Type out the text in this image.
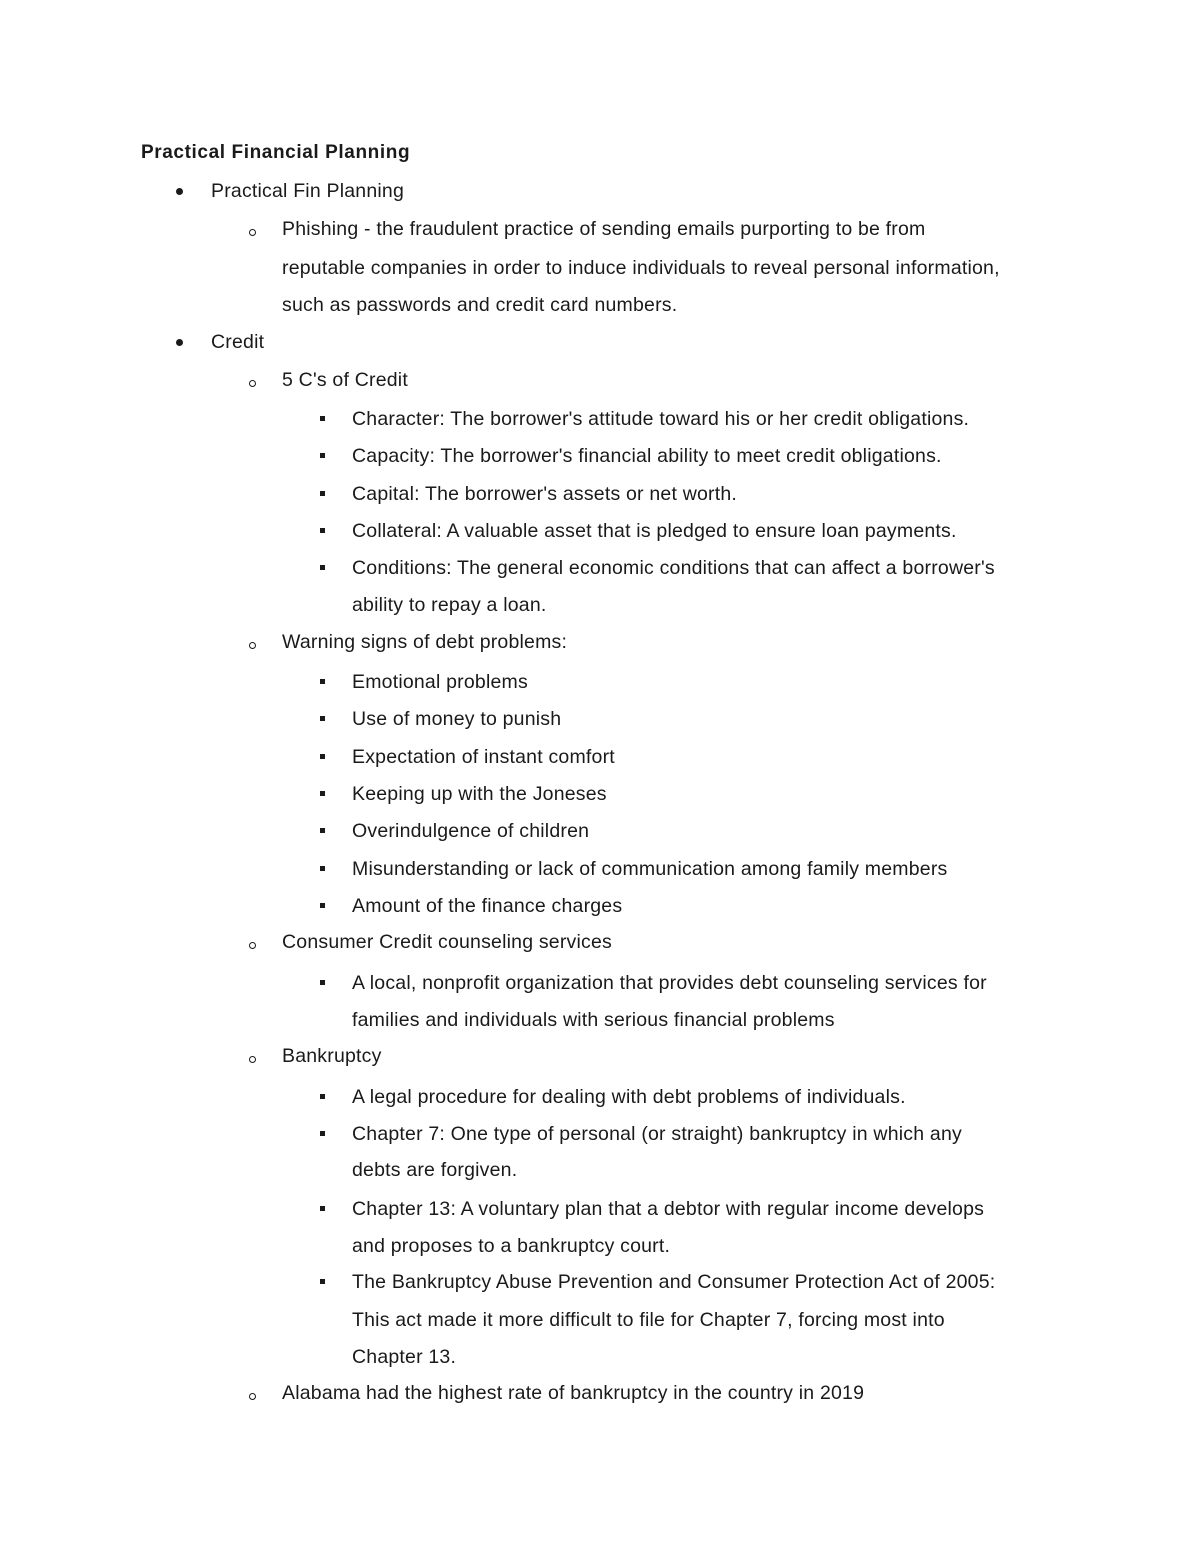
Practical Financial Planning
Practical Fin Planning
Phishing - the fraudulent practice of sending emails purporting to be from
reputable companies in order to induce individuals to reveal personal information,
such as passwords and credit card numbers.
Credit
5 C's of Credit
Character: The borrower's attitude toward his or her credit obligations.
Capacity: The borrower's financial ability to meet credit obligations.
Capital: The borrower's assets or net worth.
Collateral: A valuable asset that is pledged to ensure loan payments.
Conditions: The general economic conditions that can affect a borrower's
ability to repay a loan.
Warning signs of debt problems:
Emotional problems
Use of money to punish
Expectation of instant comfort
Keeping up with the Joneses
Overindulgence of children
Misunderstanding or lack of communication among family members
Amount of the finance charges
Consumer Credit counseling services
A local, nonprofit organization that provides debt counseling services for
families and individuals with serious financial problems
Bankruptcy
A legal procedure for dealing with debt problems of individuals.
Chapter 7: One type of personal (or straight) bankruptcy in which any
debts are forgiven.
Chapter 13: A voluntary plan that a debtor with regular income develops
and proposes to a bankruptcy court.
The Bankruptcy Abuse Prevention and Consumer Protection Act of 2005:
This act made it more difficult to file for Chapter 7, forcing most into
Chapter 13.
Alabama had the highest rate of bankruptcy in the country in 2019
